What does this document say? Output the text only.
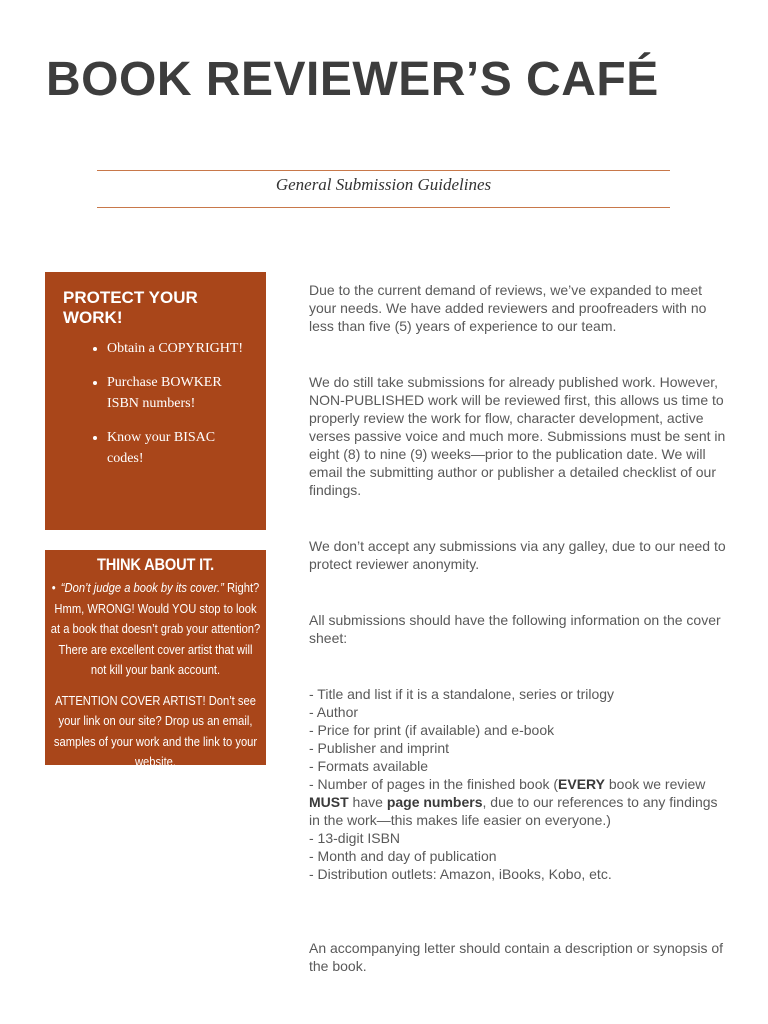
BOOK REVIEWER’S CAFÉ
General Submission Guidelines

PROTECT YOUR WORK!

• Obtain a COPYRIGHT!
• Purchase BOWKER ISBN numbers!
• Know your BISAC codes!

THINK ABOUT IT.

• “Don’t judge a book by its cover.” Right? Hmm, WRONG! Would YOU stop to look at a book that doesn’t grab your attention? There are excellent cover artist that will not kill your bank account.
ATTENTION COVER ARTIST! Don’t see your link on our site? Drop us an email, samples of your work and the link to your website.

Due to the current demand of reviews, we’ve expanded to meet your needs. We have added reviewers and proofreaders with no less than five (5) years of experience to our team.

We do still take submissions for already published work. However, NON-PUBLISHED work will be reviewed first, this allows us time to properly review the work for flow, character development, active verses passive voice and much more. Submissions must be sent in eight (8) to nine (9) weeks—prior to the publication date. We will email the submitting author or publisher a detailed checklist of our findings.

We don’t accept any submissions via any galley, due to our need to protect reviewer anonymity.

All submissions should have the following information on the cover sheet:

- Title and list if it is a standalone, series or trilogy

- Author

- Price for print (if available) and e-book

- Publisher and imprint

- Formats available

- Number of pages in the finished book (EVERY book we review MUST have page numbers, due to our references to any findings in the work—this makes life easier on everyone.)

- 13-digit ISBN

- Month and day of publication

- Distribution outlets: Amazon, iBooks, Kobo, etc.

An accompanying letter should contain a description or synopsis of the book.
